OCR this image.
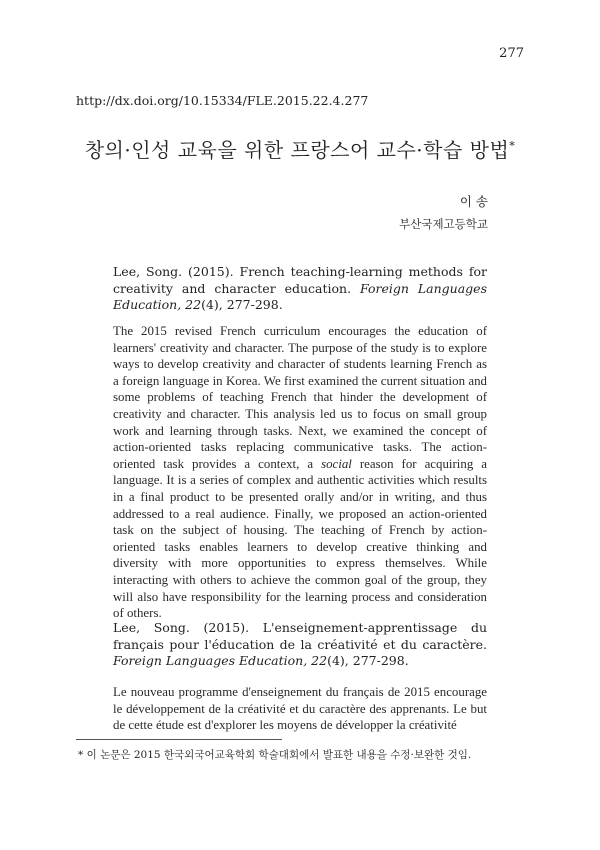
277
http://dx.doi.org/10.15334/FLE.2015.22.4.277
창의·인성 교육을 위한 프랑스어 교수·학습 방법*
이 송
부산국제고등학교
Lee, Song. (2015). French teaching-learning methods for creativity and character education. Foreign Languages Education, 22(4), 277-298.
The 2015 revised French curriculum encourages the education of learners' creativity and character. The purpose of the study is to explore ways to develop creativity and character of students learning French as a foreign language in Korea. We first examined the current situation and some problems of teaching French that hinder the development of creativity and character. This analysis led us to focus on small group work and learning through tasks. Next, we examined the concept of action-oriented tasks replacing communicative tasks. The action-oriented task provides a context, a social reason for acquiring a language. It is a series of complex and authentic activities which results in a final product to be presented orally and/or in writing, and thus addressed to a real audience. Finally, we proposed an action-oriented task on the subject of housing. The teaching of French by action-oriented tasks enables learners to develop creative thinking and diversity with more opportunities to express themselves. While interacting with others to achieve the common goal of the group, they will also have responsibility for the learning process and consideration of others.
Lee, Song. (2015). L'enseignement-apprentissage du français pour l'éducation de la créativité et du caractère. Foreign Languages Education, 22(4), 277-298.
Le nouveau programme d'enseignement du français de 2015 encourage le développement de la créativité et du caractère des apprenants. Le but de cette étude est d'explorer les moyens de développer la créativité
* 이 논문은 2015 한국외국어교육학회 학술대회에서 발표한 내용을 수정·보완한 것임.
